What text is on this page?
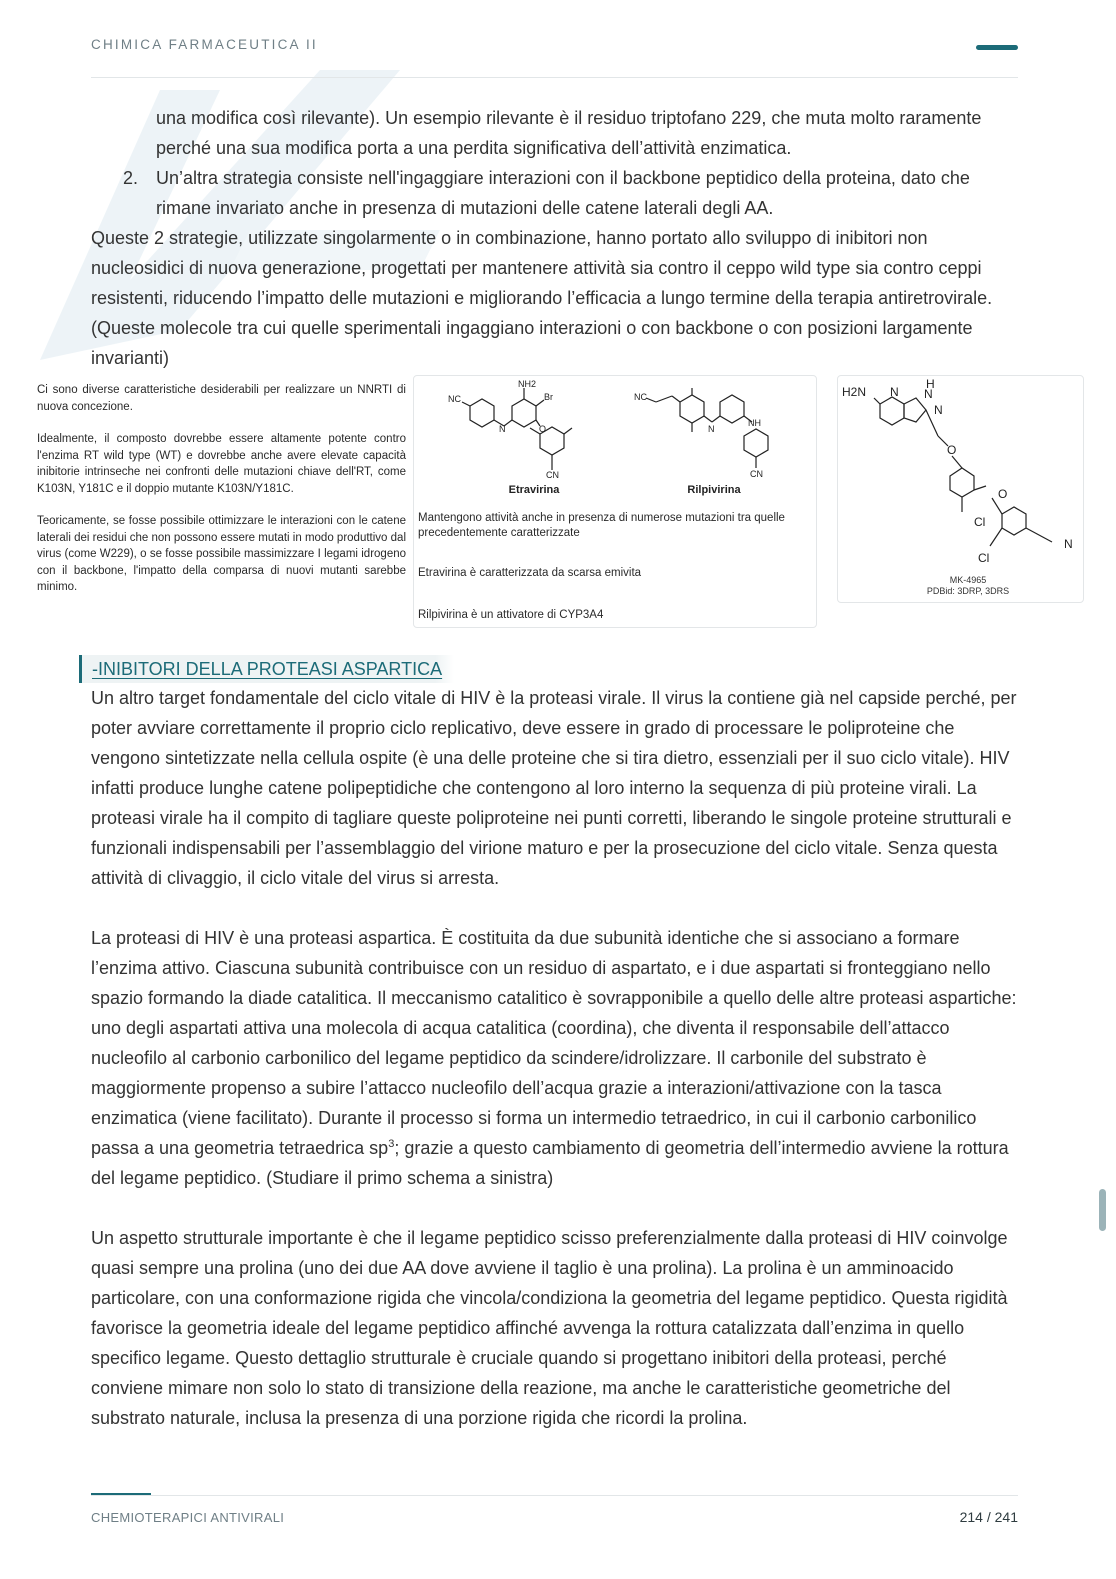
CHIMICA FARMACEUTICA II
una modifica così rilevante). Un esempio rilevante è il residuo triptofano 229, che muta molto raramente perché una sua modifica porta a una perdita significativa dell’attività enzimatica.
2. Un’altra strategia consiste nell'ingaggiare interazioni con il backbone peptidico della proteina, dato che rimane invariato anche in presenza di mutazioni delle catene laterali degli AA.
Queste 2 strategie, utilizzate singolarmente o in combinazione, hanno portato allo sviluppo di inibitori non nucleosidici di nuova generazione, progettati per mantenere attività sia contro il ceppo wild type sia contro ceppi resistenti, riducendo l’impatto delle mutazioni e migliorando l’efficacia a lungo termine della terapia antiretrovirale. (Queste molecole tra cui quelle sperimentali ingaggiano interazioni o con backbone o con posizioni largamente invarianti)

Ci sono diverse caratteristiche desiderabili per realizzare un NNRTI di nuova concezione.

Idealmente, il composto dovrebbe essere altamente potente contro l'enzima RT wild type (WT) e dovrebbe anche avere elevate capacità inibitorie intrinseche nei confronti delle mutazioni chiave dell'RT, come K103N, Y181C e il doppio mutante K103N/Y181C.

Teoricamente, se fosse possibile ottimizzare le interazioni con le catene laterali dei residui che non possono essere mutati in modo produttivo dal virus (come W229), o se fosse possibile massimizzare I legami idrogeno con il backbone, l'impatto della comparsa di nuovi mutanti sarebbe minimo.

NC
NH2
Br
O
CN
N
NC
N
NH
CN
Etravirina	Rilpivirina
Mantengono attività anche in presenza di numerose mutazioni tra quelle precedentemente caratterizzate
Etravirina è caratterizzata da scarsa emivita
Rilpivirina è un attivatore di CYP3A4
H2N N
H
N
N
O
O
Cl
Cl
N
MK-4965
PDBid: 3DRP, 3DRS
-INIBITORI DELLA PROTEASI ASPARTICA
Un altro target fondamentale del ciclo vitale di HIV è la proteasi virale. Il virus la contiene già nel capside perché, per poter avviare correttamente il proprio ciclo replicativo, deve essere in grado di processare le poliproteine che vengono sintetizzate nella cellula ospite (è una delle proteine che si tira dietro, essenziali per il suo ciclo vitale). HIV infatti produce lunghe catene polipeptidiche che contengono al loro interno la sequenza di più proteine virali. La proteasi virale ha il compito di tagliare queste poliproteine nei punti corretti, liberando le singole proteine strutturali e funzionali indispensabili per l’assemblaggio del virione maturo e per la prosecuzione del ciclo vitale. Senza questa attività di clivaggio, il ciclo vitale del virus si arresta.
La proteasi di HIV è una proteasi aspartica. È costituita da due subunità identiche che si associano a formare l’enzima attivo. Ciascuna subunità contribuisce con un residuo di aspartato, e i due aspartati si fronteggiano nello spazio formando la diade catalitica. Il meccanismo catalitico è sovrapponibile a quello delle altre proteasi aspartiche: uno degli aspartati attiva una molecola di acqua catalitica (coordina), che diventa il responsabile dell’attacco nucleofilo al carbonio carbonilico del legame peptidico da scindere/idrolizzare. Il carbonile del substrato è maggiormente propenso a subire l’attacco nucleofilo dell’acqua grazie a interazioni/attivazione con la tasca enzimatica (viene facilitato). Durante il processo si forma un intermedio tetraedrico, in cui il carbonio carbonilico passa a una geometria tetraedrica $sp^3$; grazie a questo cambiamento di geometria dell’intermedio avviene la rottura del legame peptidico. (Studiare il primo schema a sinistra)
Un aspetto strutturale importante è che il legame peptidico scisso preferenzialmente dalla proteasi di HIV coinvolge quasi sempre una prolina (uno dei due AA dove avviene il taglio è una prolina). La prolina è un amminoacido particolare, con una conformazione rigida che vincola/condiziona la geometria del legame peptidico. Questa rigidità favorisce la geometria ideale del legame peptidico affinché avvenga la rottura catalizzata dall’enzima in quello specifico legame. Questo dettaglio strutturale è cruciale quando si progettano inibitori della proteasi, perché conviene mimare non solo lo stato di transizione della reazione, ma anche le caratteristiche geometriche del substrato naturale, inclusa la presenza di una porzione rigida che ricordi la prolina.
CHEMIOTERAPICI ANTIVIRALI	214 / 241
